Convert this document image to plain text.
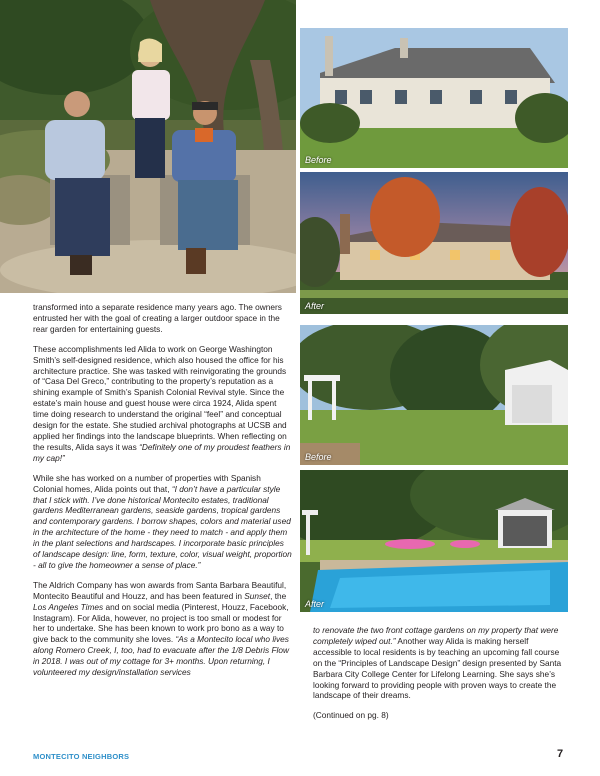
Before
After
Before
After

transformed into a separate residence many years ago. The owners entrusted her with the goal of creating a larger outdoor space in the rear garden for entertaining guests.

These accomplishments led Alida to work on George Washington Smith’s self-designed residence, which also housed the office for his architecture practice. She was tasked with reinvigorating the grounds of “Casa Del Greco,” contributing to the property’s reputation as a shining example of Smith’s Spanish Colonial Revival style. Since the estate’s main house and guest house were circa 1924, Alida spent time doing research to understand the original “feel” and conceptual design for the estate. She studied archival photographs at UCSB and applied her findings into the landscape blueprints. When reflecting on the results, Alida says it was “Definitely one of my proudest feathers in my cap!”

While she has worked on a number of properties with Spanish Colonial homes, Alida points out that, “I don’t have a particular style that I stick with. I’ve done historical Montecito estates, traditional gardens Mediterranean gardens, seaside gardens, tropical gardens and contemporary gardens. I borrow shapes, colors and material used in the architecture of the home - they need to match - and apply them in the plant selections and hardscapes. I incorporate basic principles of landscape design: line, form, texture, color, visual weight, proportion - all to give the homeowner a sense of place.”

The Aldrich Company has won awards from Santa Barbara Beautiful, Montecito Beautiful and Houzz, and has been featured in Sunset, the Los Angeles Times and on social media (Pinterest, Houzz, Facebook, Instagram). For Alida, however, no project is too small or modest for her to undertake. She has been known to work pro bono as a way to give back to the community she loves. “As a Montecito local who lives along Romero Creek, I, too, had to evacuate after the 1/8 Debris Flow in 2018. I was out of my cottage for 3+ months. Upon returning, I volunteered my design/installation services

to renovate the two front cottage gardens on my property that were completely wiped out.” Another way Alida is making herself accessible to local residents is by teaching an upcoming fall course on the “Principles of Landscape Design” design presented by Santa Barbara City College Center for Lifelong Learning. She says she’s looking forward to providing people with proven ways to create the landscape of their dreams.

(Continued on pg. 8)

MONTECITO NEIGHBORS	7
